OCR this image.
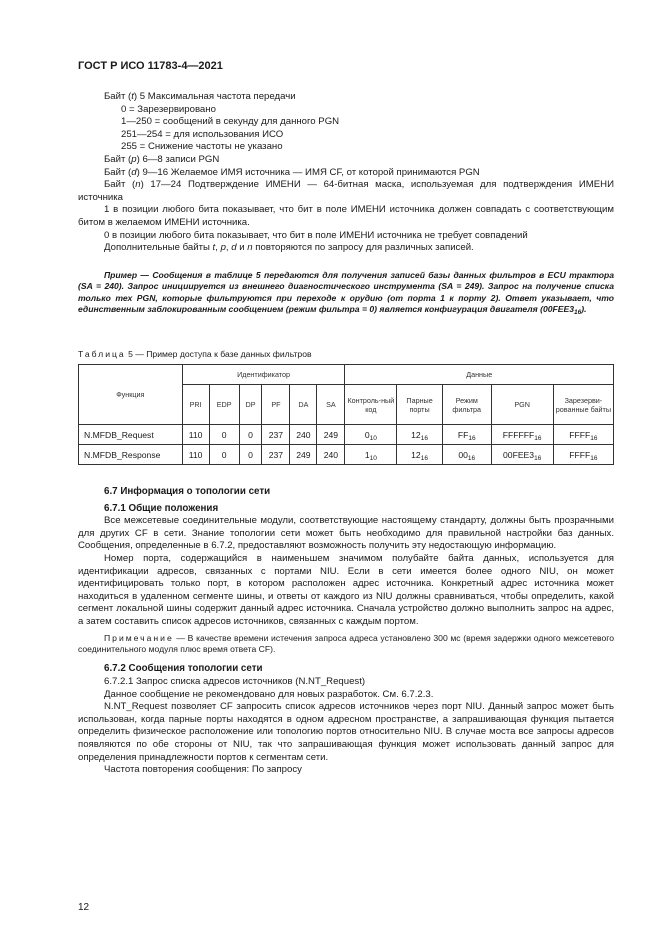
ГОСТ Р ИСО 11783-4—2021

Байт (t) 5 Максимальная частота передачи

0 = Зарезервировано

1—250 = сообщений в секунду для данного PGN

251—254 = для использования ИСО

255 = Снижение частоты не указано

Байт (p) 6—8 записи PGN

Байт (d) 9—16 Желаемое ИМЯ источника — ИМЯ CF, от которой принимаются PGN

Байт (n) 17—24 Подтверждение ИМЕНИ — 64-битная маска, используемая для подтверждения ИМЕНИ источника

1 в позиции любого бита показывает, что бит в поле ИМЕНИ источника должен совпадать с соответствующим битом в желаемом ИМЕНИ источника.

0 в позиции любого бита показывает, что бит в поле ИМЕНИ источника не требует совпадений

Дополнительные байты t, p, d и n повторяются по запросу для различных записей.

Пример — Сообщения в таблице 5 передаются для получения записей базы данных фильтров в ECU трактора (SA = 240). Запрос инициируется из внешнего диагностического инструмента (SA = 249). Запрос на получение списка только тех PGN, которые фильтруются при переходе к орудию (от порта 1 к порту 2). Ответ указывает, что единственным заблокированным сообщением (режим фильтра = 0) является конфигурация двигателя $(00FEE3_{16})$.

Таблица 5 — Пример доступа к базе данных фильтров
Функция	Идентификатор						Данные				
	PRI	EDP	DP	PF	DA	SA	Контроль-ный код	Парные порты	Режим фильтра	PGN	Зарезерви-рованные байты
N.MFDB_Request	110	0	0	237	240	249	$0_{10}$	$12_{16}$	$FF_{16}$	$FFFFFF_{16}$	$FFFF_{16}$
N.MFDB_Response	110	0	0	237	249	240	$1_{10}$	$12_{16}$	$00_{16}$	$00FEE3_{16}$	$FFFF_{16}$

6.7 Информация о топологии сети

6.7.1 Общие положения

Все межсетевые соединительные модули, соответствующие настоящему стандарту, должны быть прозрачными для других CF в сети. Знание топологии сети может быть необходимо для правильной настройки баз данных. Сообщения, определенные в 6.7.2, предоставляют возможность получить эту недостающую информацию.

Номер порта, содержащийся в наименьшем значимом полубайте байта данных, используется для идентификации адресов, связанных с портами NIU. Если в сети имеется более одного NIU, он может идентифицировать только порт, в котором расположен адрес источника. Конкретный адрес источника может находиться в удаленном сегменте шины, и ответы от каждого из NIU должны сравниваться, чтобы определить, какой сегмент локальной шины содержит данный адрес источника. Сначала устройство должно выполнить запрос на адрес, а затем составить список адресов источников, связанных с каждым портом.

Примечание — В качестве времени истечения запроса адреса установлено 300 мс (время задержки одного межсетевого соединительного модуля плюс время ответа CF).

6.7.2 Сообщения топологии сети

6.7.2.1 Запрос списка адресов источников (N.NT_Request)

Данное сообщение не рекомендовано для новых разработок. См. 6.7.2.3.

N.NT_Request позволяет CF запросить список адресов источников через порт NIU. Данный запрос может быть использован, когда парные порты находятся в одном адресном пространстве, а запрашивающая функция пытается определить физическое расположение или топологию портов относительно NIU. В случае моста все запросы адресов появляются по обе стороны от NIU, так что запрашивающая функция может использовать данный запрос для определения принадлежности портов к сегментам сети.

Частота повторения сообщения: По запросу

12
